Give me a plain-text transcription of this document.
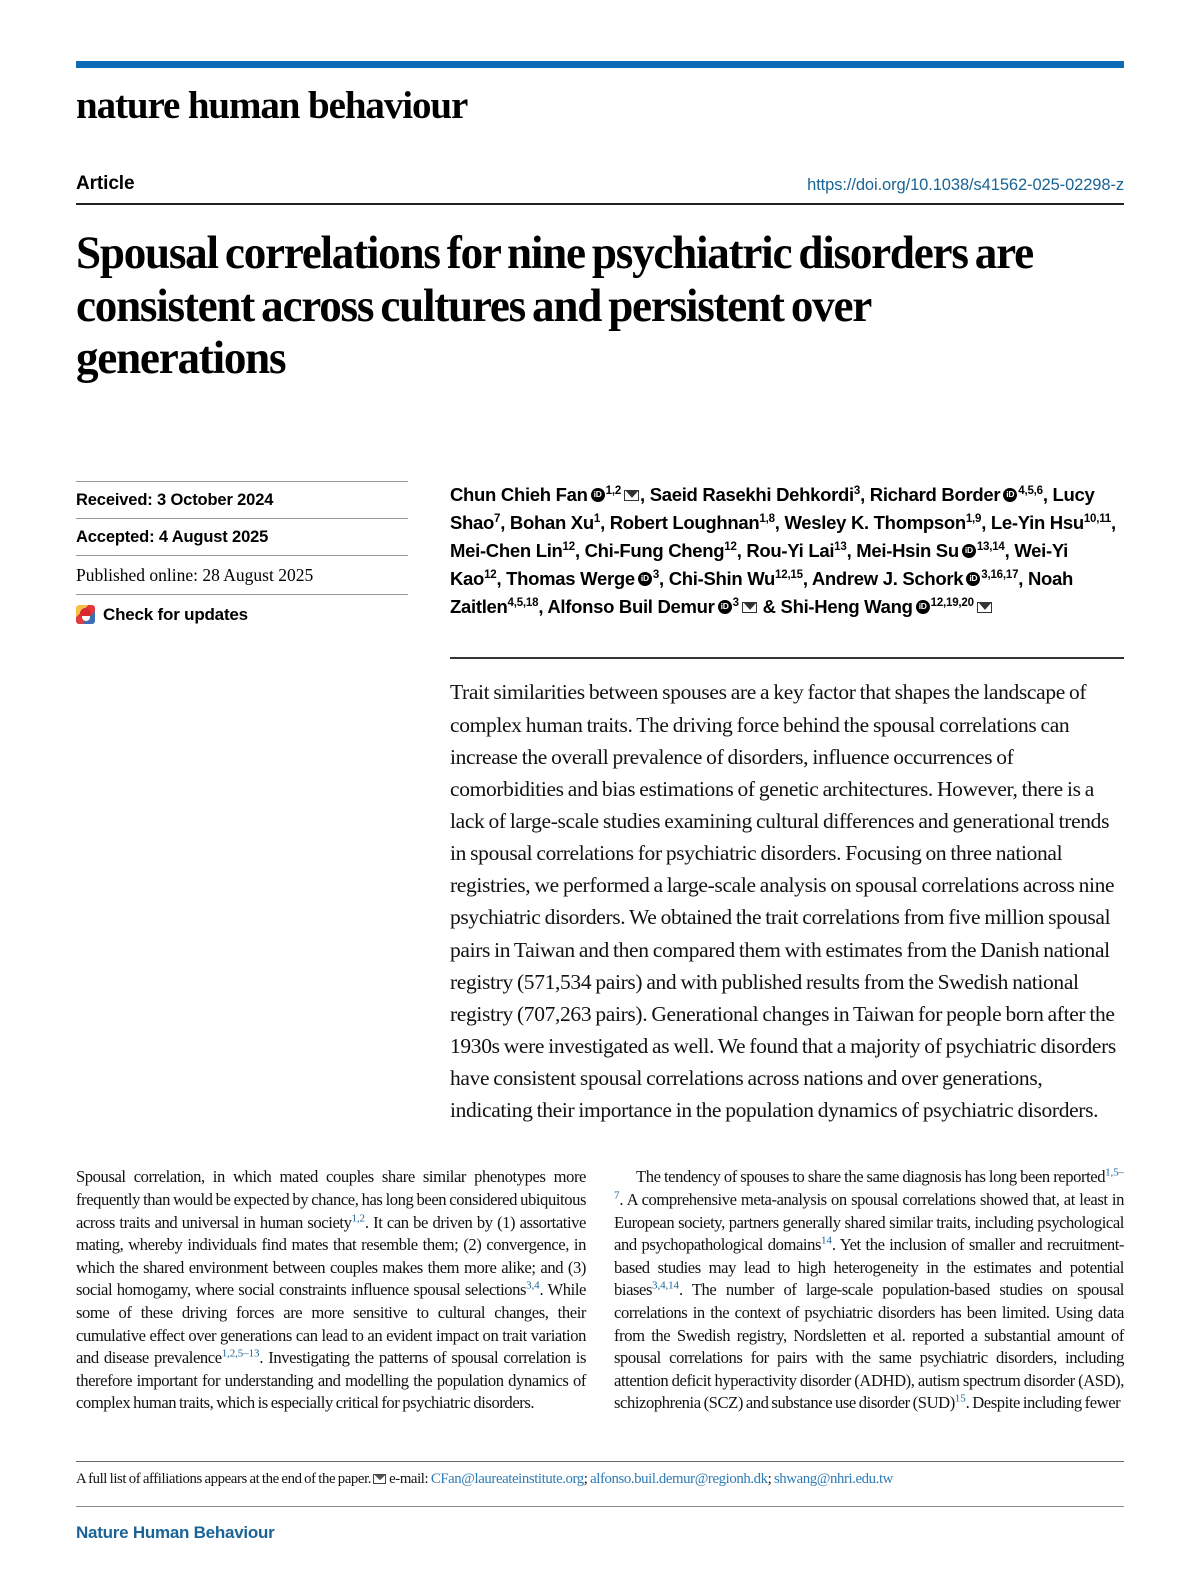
nature human behaviour
Article	https://doi.org/10.1038/s41562-025-02298-z
Spousal correlations for nine psychiatric disorders are consistent across cultures and persistent over generations
Received: 3 October 2024
Accepted: 4 August 2025
Published online: 28 August 2025
Check for updates
Chun Chieh Fan iD $^{1,2}$ , Saeid Rasekhi Dehkordi$^3$, Richard BorderiD $^{4,5,6}$, Lucy Shao$^7$, Bohan Xu$^1$, Robert Loughnan$^{1,8}$, Wesley K. Thompson$^{1,9}$, Le-Yin Hsu$^{10,11}$, Mei-Chen Lin$^{12}$, Chi-Fung Cheng$^{12}$, Rou-Yi Lai$^{13}$, Mei-Hsin Su iD $^{13,14}$, Wei-Yi Kao$^{12}$, Thomas Werge iD $^3$, Chi-Shin Wu$^{12,15}$, Andrew J. Schork iD $^{3,16,17}$, Noah Zaitlen$^{4,5,18}$, Alfonso Buil DemuriD $^3$ & Shi-Heng Wang iD $^{12,19,20}$
Trait similarities between spouses are a key factor that shapes the landscape of complex human traits. The driving force behind the spousal correlations can increase the overall prevalence of disorders, influence occurrences of comorbidities and bias estimations of genetic architectures. However, there is a lack of large-scale studies examining cultural differences and generational trends in spousal correlations for psychiatric disorders. Focusing on three national registries, we performed a large-scale analysis on spousal correlations across nine psychiatric disorders. We obtained the trait correlations from five million spousal pairs in Taiwan and then compared them with estimates from the Danish national registry (571,534 pairs) and with published results from the Swedish national registry (707,263 pairs). Generational changes in Taiwan for people born after the 1930s were investigated as well. We found that a majority of psychiatric disorders have consistent spousal correlations across nations and over generations, indicating their importance in the population dynamics of psychiatric disorders.

Spousal correlation, in which mated couples share similar phenotypes more frequently than would be expected by chance, has long been considered ubiquitous across traits and universal in human society$^{1,2}$. It can be driven by (1) assortative mating, whereby individuals find mates that resemble them; (2) convergence, in which the shared environment between couples makes them more alike; and (3) social homogamy, where social constraints influence spousal selections$^{3,4}$. While some of these driving forces are more sensitive to cultural changes, their cumulative effect over generations can lead to an evident impact on trait variation and disease prevalence$^{1,2,5-13}$. Investigating the patterns of spousal correlation is therefore important for understanding and modelling the population dynamics of complex human traits, which is especially critical for psychiatric disorders.

The tendency of spouses to share the same diagnosis has long been reported$^{1,5-7}$. A comprehensive meta-analysis on spousal correlations showed that, at least in European society, partners generally shared similar traits, including psychological and psychopathological domains$^{14}$. Yet the inclusion of smaller and recruitment-based studies may lead to high heterogeneity in the estimates and potential biases$^{3,4,14}$. The number of large-scale population-based studies on spousal correlations in the context of psychiatric disorders has been limited. Using data from the Swedish registry, Nordsletten et al. reported a substantial amount of spousal correlations for pairs with the same psychiatric disorders, including attention deficit hyperactivity disorder (ADHD), autism spectrum disorder (ASD), schizophrenia (SCZ) and substance use disorder (SUD)$^{15}$. Despite including fewer

A full list of affiliations appears at the end of the paper. e-mail: CFan@laureateinstitute.org; alfonso.buil.demur@regionh.dk; shwang@nhri.edu.tw
Nature Human Behaviour
